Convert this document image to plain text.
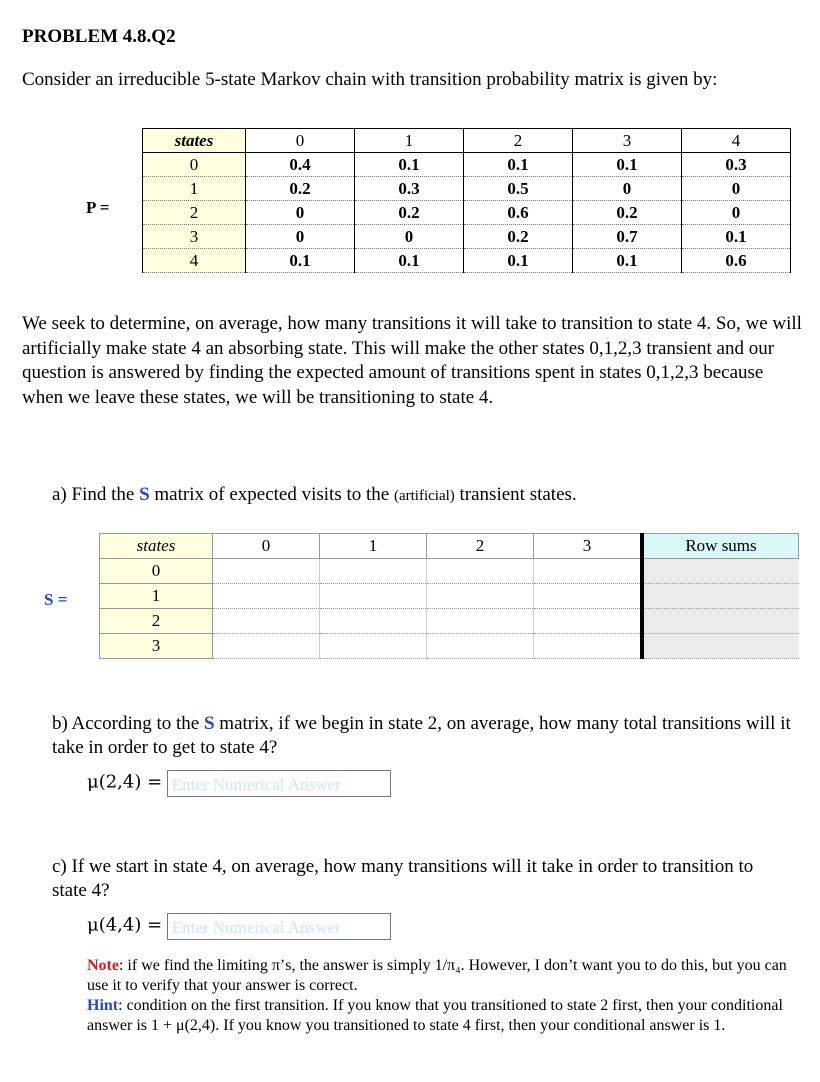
PROBLEM 4.8.Q2
Consider an irreducible 5-state Markov chain with transition probability matrix is given by:
P =
states	0	1	2	3	4
0	0.4	0.1	0.1	0.1	0.3
1	0.2	0.3	0.5	0	0
2	0	0.2	0.6	0.2	0
3	0	0	0.2	0.7	0.1
4	0.1	0.1	0.1	0.1	0.6
We seek to determine, on average, how many transitions it will take to transition to state 4. So, we will artificially make state 4 an absorbing state. This will make the other states 0,1,2,3 transient and our question is answered by finding the expected amount of transitions spent in states 0,1,2,3 because when we leave these states, we will be transitioning to state 4.
a) Find the S matrix of expected visits to the (artificial) transient states.
S =
states	0	1	2	3	Row sums
0					
1					
2					
3					
b) According to the S matrix, if we begin in state 2, on average, how many total transitions will it take in order to get to state 4?
μ(2,4) = Enter Numerical Answer
c) If we start in state 4, on average, how many transitions will it take in order to transition to state 4?
μ(4,4) = Enter Numerical Answer
Note: if we find the limiting π’s, the answer is simply 1/π₄. However, I don’t want you to do this, but you can use it to verify that your answer is correct.
Hint: condition on the first transition. If you know that you transitioned to state 2 first, then your conditional answer is 1 + μ(2,4). If you know you transitioned to state 4 first, then your conditional answer is 1.
